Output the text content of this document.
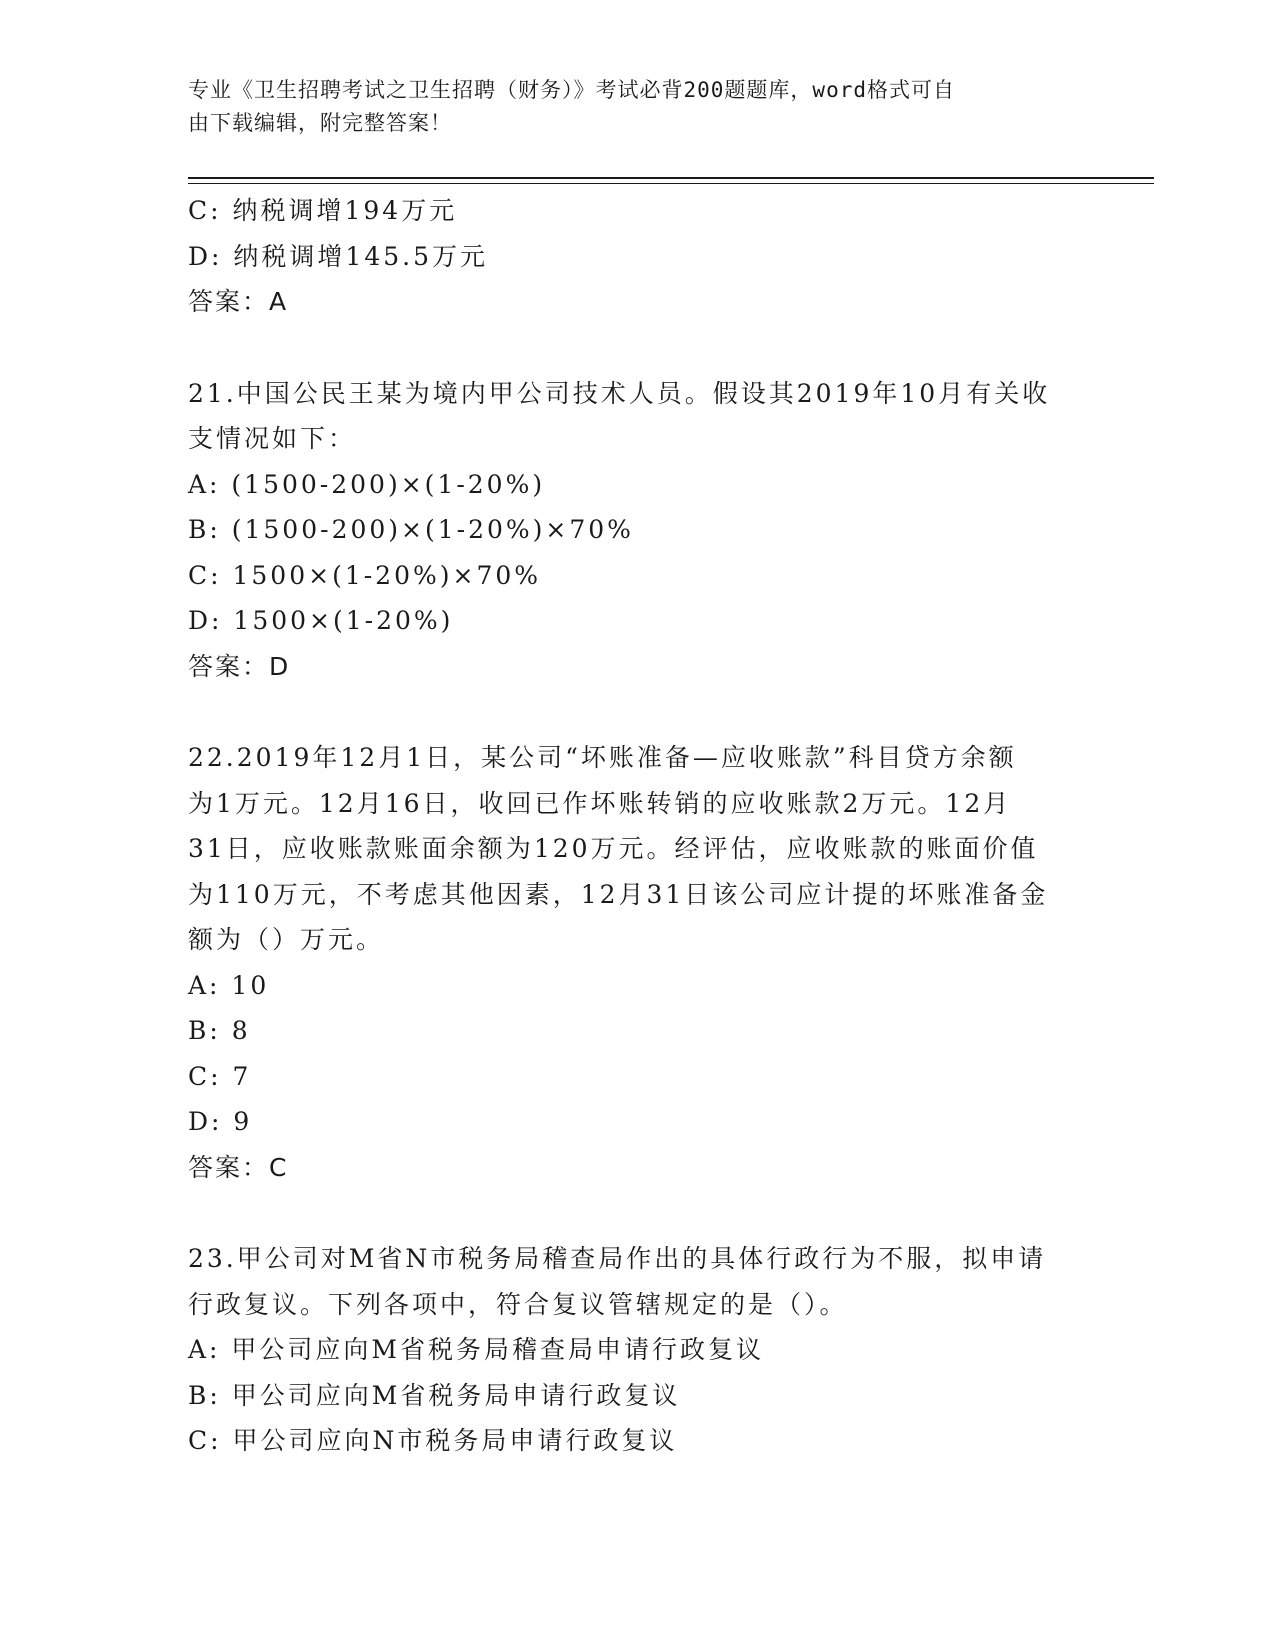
专业《卫生招聘考试之卫生招聘（财务）》考试必背200题题库，word格式可自
由下载编辑，附完整答案！
C: 纳税调增194万元
D: 纳税调增145.5万元
答案：A
21.中国公民王某为境内甲公司技术人员。假设其2019年10月有关收
支情况如下：
A: (1500-200)×(1-20%)
B: (1500-200)×(1-20%)×70%
C: 1500×(1-20%)×70%
D: 1500×(1-20%)
答案：D
22.2019年12月1日，某公司“坏账准备—应收账款”科目贷方余额
为1万元。12月16日，收回已作坏账转销的应收账款2万元。12月
31日，应收账款账面余额为120万元。经评估，应收账款的账面价值
为110万元，不考虑其他因素，12月31日该公司应计提的坏账准备金
额为（）万元。
A: 10
B: 8
C: 7
D: 9
答案：C
23.甲公司对M省N市税务局稽查局作出的具体行政行为不服，拟申请
行政复议。下列各项中，符合复议管辖规定的是（）。
A: 甲公司应向M省税务局稽查局申请行政复议
B: 甲公司应向M省税务局申请行政复议
C: 甲公司应向N市税务局申请行政复议
